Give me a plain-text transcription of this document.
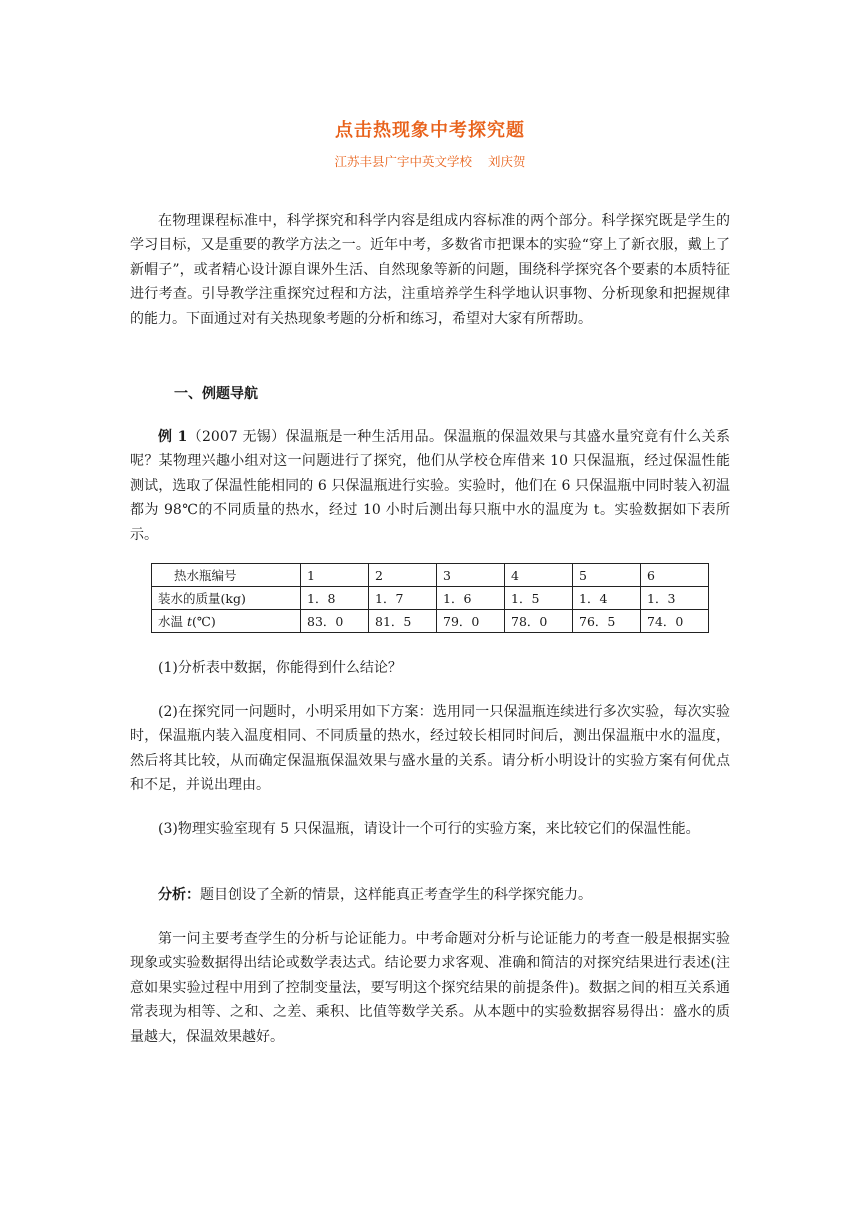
点击热现象中考探究题
江苏丰县广宇中英文学校 刘庆贺

在物理课程标准中，科学探究和科学内容是组成内容标准的两个部分。科学探究既是学生的学习目标，又是重要的教学方法之一。近年中考，多数省市把课本的实验“穿上了新衣服，戴上了新帽子”，或者精心设计源自课外生活、自然现象等新的问题，围绕科学探究各个要素的本质特征进行考查。引导教学注重探究过程和方法，注重培养学生科学地认识事物、分析现象和把握规律的能力。下面通过对有关热现象考题的分析和练习，希望对大家有所帮助。

一、例题导航

例 1（2007 无锡）保温瓶是一种生活用品。保温瓶的保温效果与其盛水量究竟有什么关系呢？某物理兴趣小组对这一问题进行了探究，他们从学校仓库借来 10 只保温瓶，经过保温性能测试，选取了保温性能相同的 6 只保温瓶进行实验。实验时，他们在 6 只保温瓶中同时装入初温都为 98℃的不同质量的热水，经过 10 小时后测出每只瓶中水的温度为 t。实验数据如下表所示。

热水瓶编号	1	2	3	4	5	6
装水的质量(kg)	1．8	1．7	1．6	1．5	1．4	1．3
水温 t(℃)	83．0	81．5	79．0	78．0	76．5	74．0

(1)分析表中数据，你能得到什么结论？

(2)在探究同一问题时，小明采用如下方案：选用同一只保温瓶连续进行多次实验，每次实验时，保温瓶内装入温度相同、不同质量的热水，经过较长相同时间后，测出保温瓶中水的温度，然后将其比较，从而确定保温瓶保温效果与盛水量的关系。请分析小明设计的实验方案有何优点和不足，并说出理由。

(3)物理实验室现有 5 只保温瓶，请设计一个可行的实验方案，来比较它们的保温性能。

分析：题目创设了全新的情景，这样能真正考查学生的科学探究能力。

第一问主要考查学生的分析与论证能力。中考命题对分析与论证能力的考查一般是根据实验现象或实验数据得出结论或数学表达式。结论要力求客观、准确和简洁的对探究结果进行表述(注意如果实验过程中用到了控制变量法，要写明这个探究结果的前提条件)。数据之间的相互关系通常表现为相等、之和、之差、乘积、比值等数学关系。从本题中的实验数据容易得出：盛水的质量越大，保温效果越好。
